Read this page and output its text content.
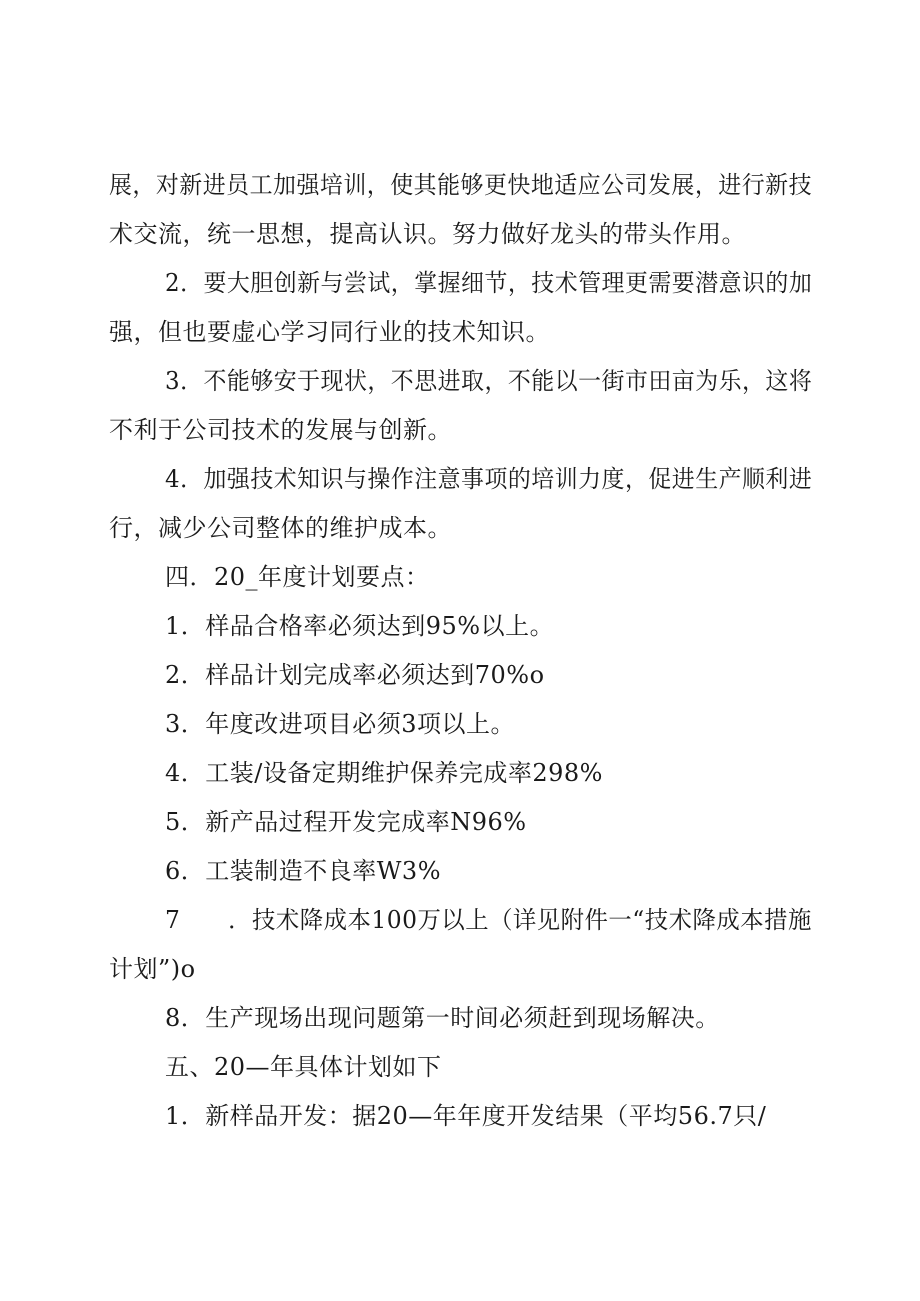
展，对新进员工加强培训，使其能够更快地适应公司发展，进行新技
术交流，统一思想，提高认识。努力做好龙头的带头作用。
2．要大胆创新与尝试，掌握细节，技术管理更需要潜意识的加
强，但也要虚心学习同行业的技术知识。
3．不能够安于现状，不思进取，不能以一街市田亩为乐，这将
不利于公司技术的发展与创新。
4．加强技术知识与操作注意事项的培训力度，促进生产顺利进
行，减少公司整体的维护成本。
四．20_年度计划要点：
1．样品合格率必须达到95%以上。
2．样品计划完成率必须达到70%o
3．年度改进项目必须3项以上。
4．工装/设备定期维护保养完成率298%
5．新产品过程开发完成率N96%
6．工装制造不良率W3%
7　　．技术降成本100万以上（详见附件一“技术降成本措施
计划”)o
8．生产现场出现问题第一时间必须赶到现场解决。
五、20—年具体计划如下
1．新样品开发：据20—年年度开发结果（平均56.7只/
